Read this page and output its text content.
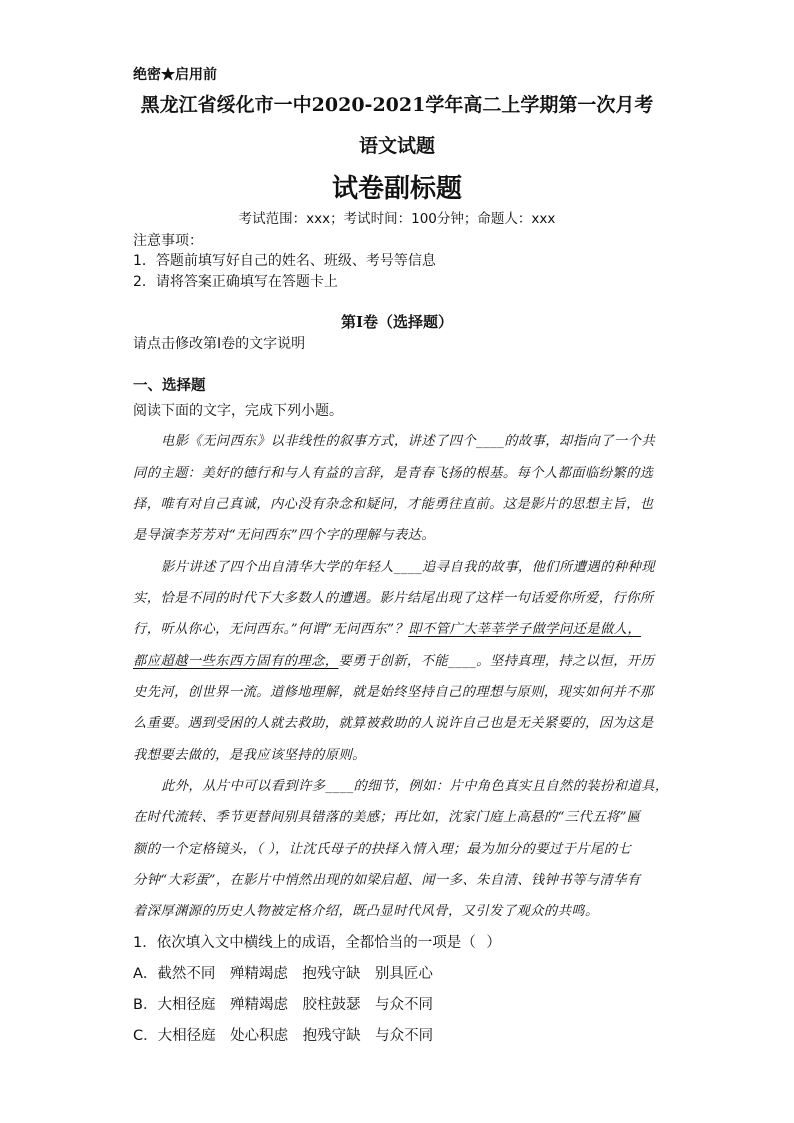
绝密★启用前
黑龙江省绥化市一中2020-2021学年高二上学期第一次月考
语文试题
试卷副标题
考试范围：xxx；考试时间：100分钟；命题人：xxx
注意事项：
1．答题前填写好自己的姓名、班级、考号等信息
2．请将答案正确填写在答题卡上
第I卷（选择题）
请点击修改第I卷的文字说明
一、选择题
阅读下面的文字，完成下列小题。
电影《无问西东》以非线性的叙事方式，讲述了四个____的故事，却指向了一个共
同的主题：美好的德行和与人有益的言辞，是青春飞扬的根基。每个人都面临纷繁的选
择，唯有对自己真诚，内心没有杂念和疑问，才能勇往直前。这是影片的思想主旨，也
是导演李芳芳对“无问西东”四个字的理解与表达。
影片讲述了四个出自清华大学的年轻人____追寻自我的故事，他们所遭遇的种种现
实，恰是不同的时代下大多数人的遭遇。影片结尾出现了这样一句话爱你所爱，行你所
行，听从你心，无问西东。”何谓“无问西东”？即不管广大莘莘学子做学问还是做人，
都应超越一些东西方固有的理念，要勇于创新，不能____。坚持真理，持之以恒，开历
史先河，创世界一流。道修地理解，就是始终坚持自己的理想与原则，现实如何并不那
么重要。遇到受困的人就去救助，就算被救助的人说许自己也是无关紧要的，因为这是
我想要去做的，是我应该坚持的原则。
此外，从片中可以看到许多____的细节，例如：片中角色真实且自然的装扮和道具，
在时代流转、季节更替间别具错落的美感；再比如，沈家门庭上高悬的“三代五将”匾
额的一个定格镜头，（ ），让沈氏母子的抉择入情入理；最为加分的要过于片尾的七
分钟“大彩蛋”，在影片中悄然出现的如梁启超、闻一多、朱自清、钱钟书等与清华有
着深厚渊源的历史人物被定格介绍，既凸显时代风骨，又引发了观众的共鸣。
1．依次填入文中横线上的成语，全都恰当的一项是（ ）
A．截然不同　殚精竭虑　抱残守缺　别具匠心
B．大相径庭　殚精竭虑　胶柱鼓瑟　与众不同
C．大相径庭　处心积虑　抱残守缺　与众不同
